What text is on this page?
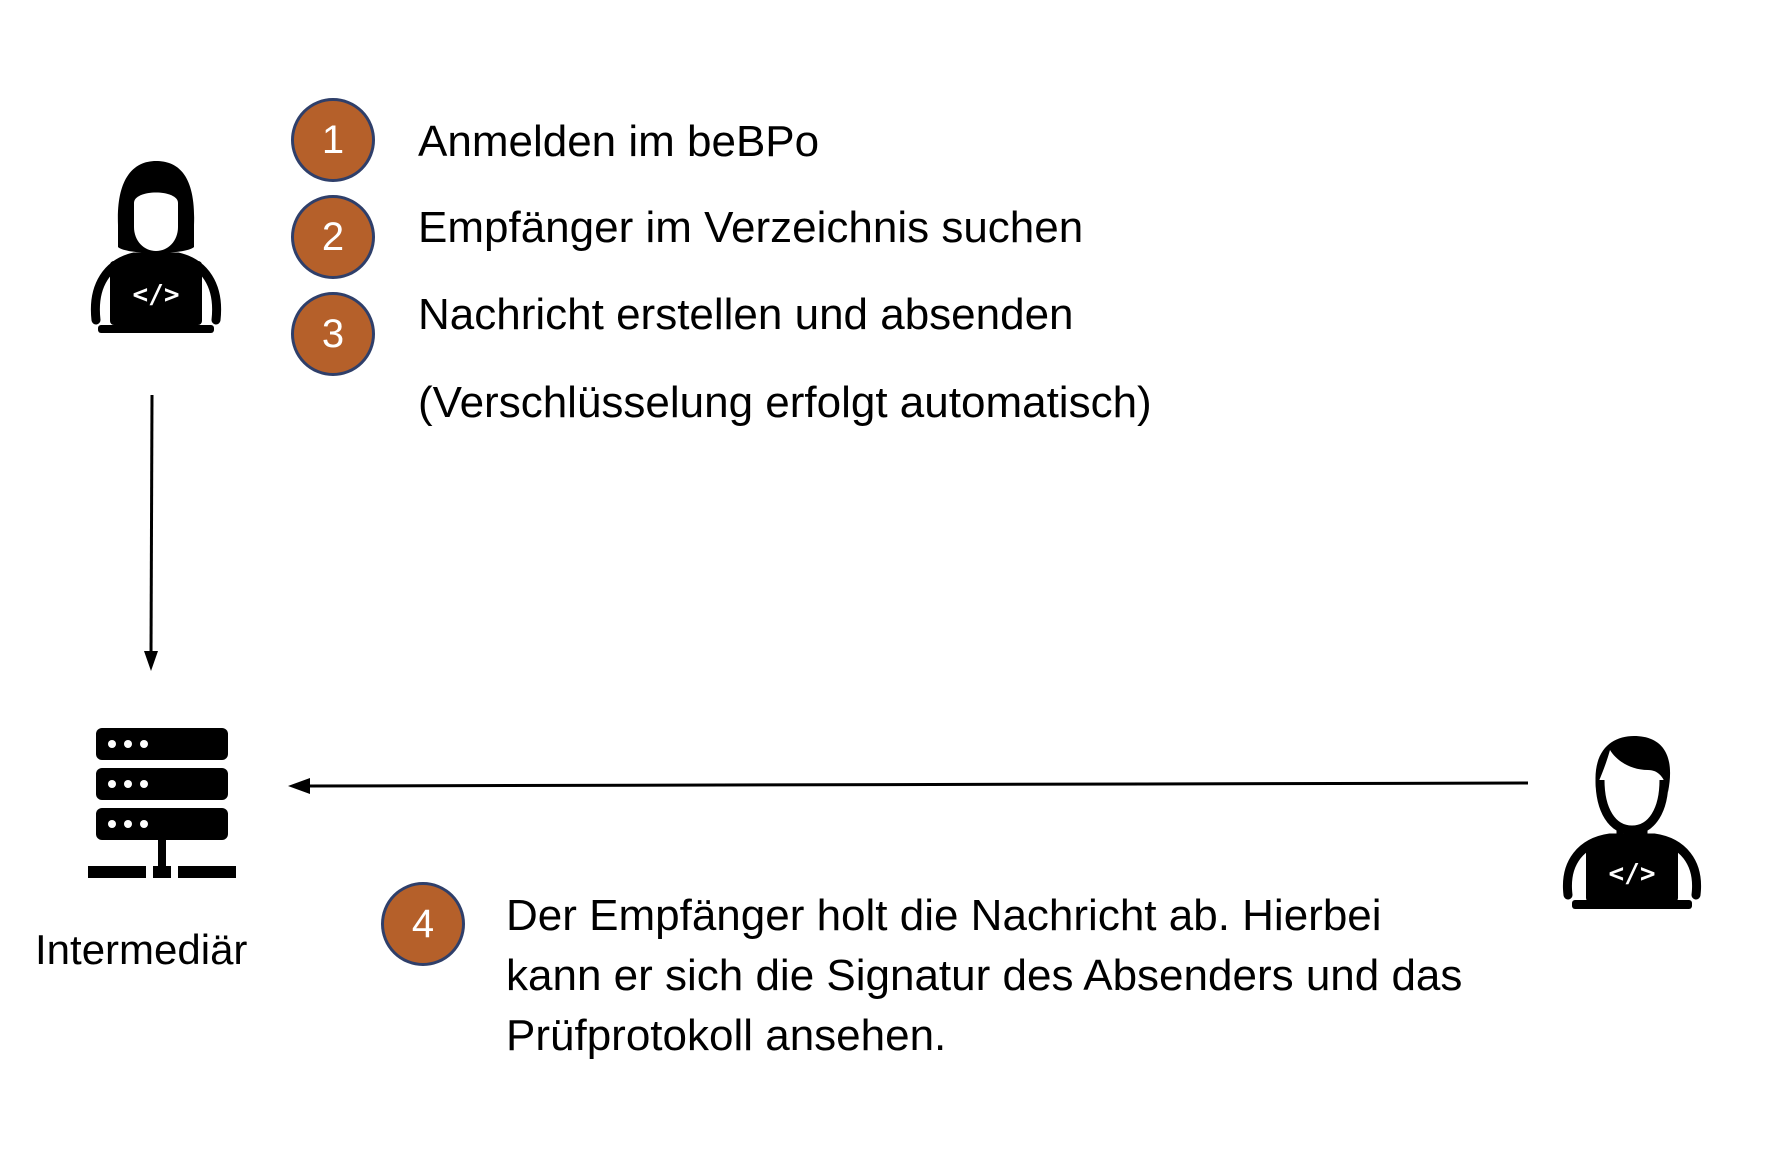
</>
Intermediär
</>
1 Anmelden im beBPo
2 Empfänger im Verzeichnis suchen
3 Nachricht erstellen und absenden
(Verschlüsselung erfolgt automatisch)
4 Der Empfänger holt die Nachricht ab. Hierbei kann er sich die Signatur des Absenders und das Prüfprotokoll ansehen.
